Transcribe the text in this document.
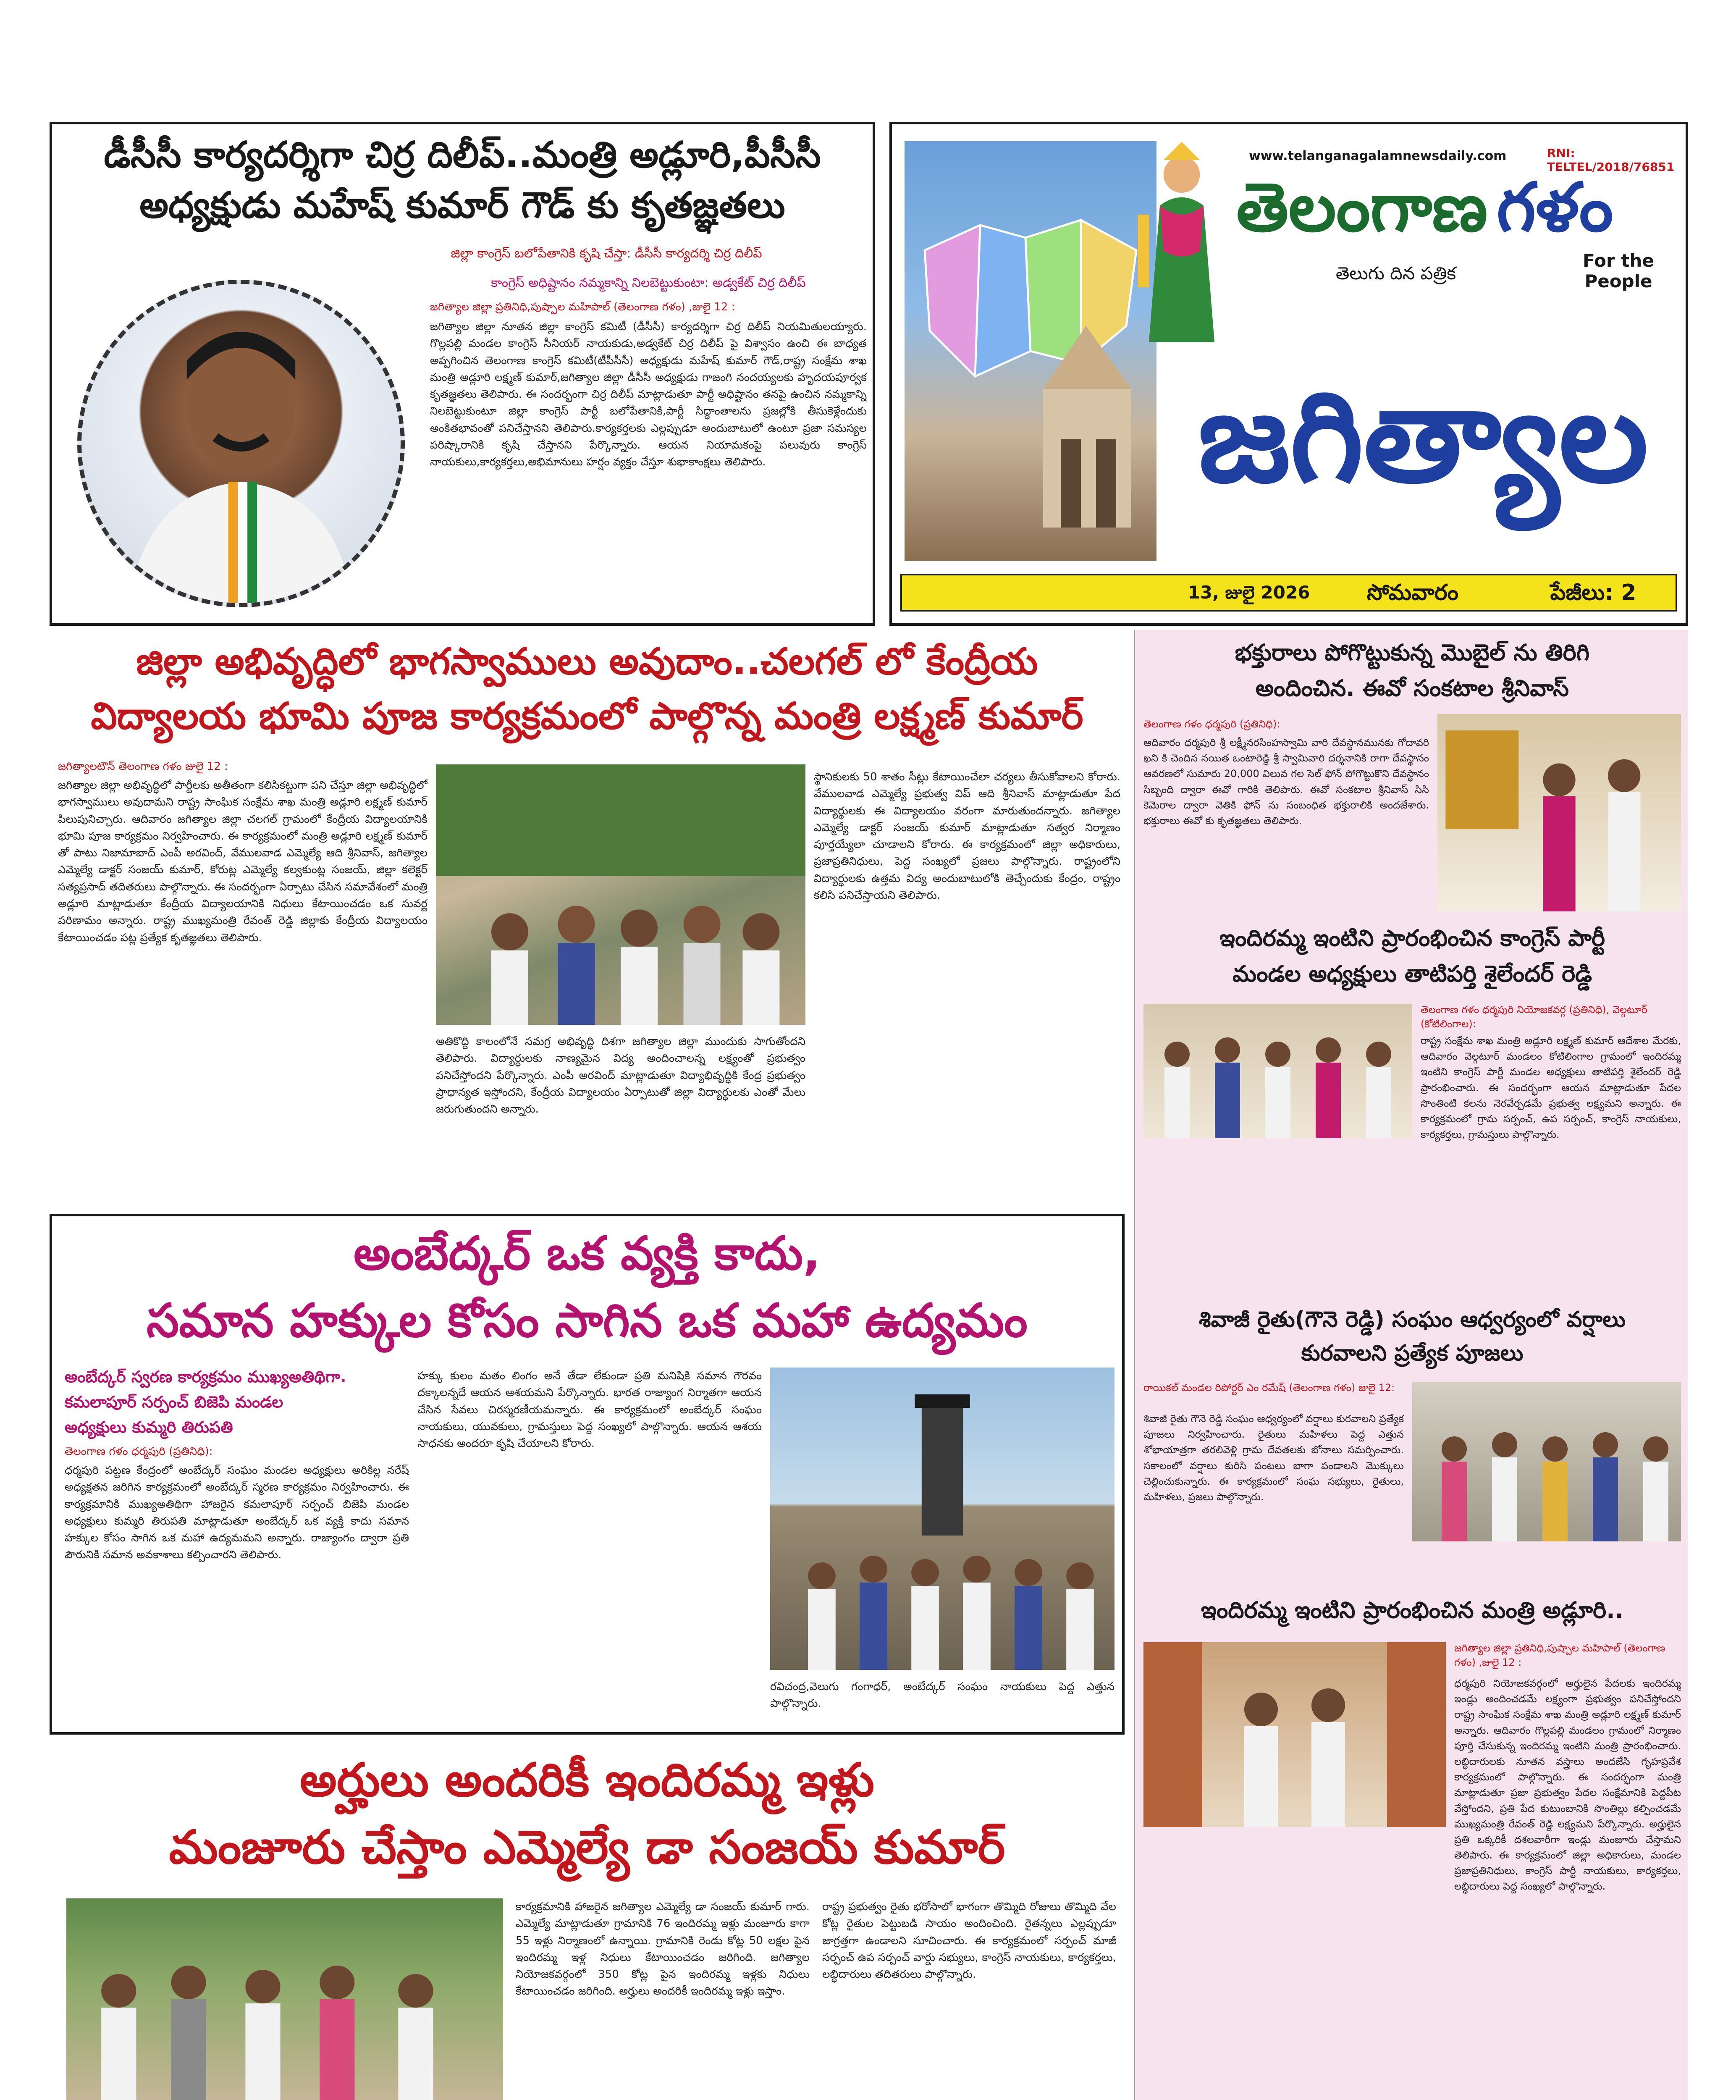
డీసీసీ కార్యదర్శిగా చిర్ర దిలీప్..మంత్రి అడ్లూరి,పీసీసీ
అధ్యక్షుడు మహేష్ కుమార్ గౌడ్ కు కృతజ్ఞతలు
జిల్లా కాంగ్రెస్ బలోపేతానికి కృషి చేస్తా: డీసీసీ కార్యదర్శి చిర్ర దిలీప్
కాంగ్రెస్ అధిష్టానం నమ్మకాన్ని నిలబెట్టుకుంటా: అడ్వకేట్ చిర్ర దిలీప్
జగిత్యాల జిల్లా ప్రతినిధి,పుష్పాల మహిపాల్ (తెలంగాణ గళం) ,జులై 12 :
జగిత్యాల జిల్లా నూతన జిల్లా కాంగ్రెస్ కమిటీ (డీసీసీ) కార్యదర్శిగా చిర్ర దిలీప్ నియమితులయ్యారు. గొల్లపల్లి మండల కాంగ్రెస్ సీనియర్ నాయకుడు,అడ్వకేట్ చిర్ర దిలీప్ పై విశ్వాసం ఉంచి ఈ బాధ్యత అప్పగించిన తెలంగాణ కాంగ్రెస్ కమిటీ(టీపీసీసీ) అధ్యక్షుడు మహేష్ కుమార్ గౌడ్,రాష్ట్ర సంక్షేమ శాఖ మంత్రి అడ్లూరి లక్ష్మణ్ కుమార్,జగిత్యాల జిల్లా డీసీసీ అధ్యక్షుడు గాజంగి నందయ్యలకు హృదయపూర్వక కృతజ్ఞతలు తెలిపారు. ఈ సందర్భంగా చిర్ర దిలీప్ మాట్లాడుతూ పార్టీ అధిష్టానం తనపై ఉంచిన నమ్మకాన్ని నిలబెట్టుకుంటూ జిల్లా కాంగ్రెస్ పార్టీ బలోపేతానికి,పార్టీ సిద్ధాంతాలను ప్రజల్లోకి తీసుకెళ్లేందుకు అంకితభావంతో పనిచేస్తానని తెలిపారు.కార్యకర్తలకు ఎల్లప్పుడూ అందుబాటులో ఉంటూ ప్రజా సమస్యల పరిష్కారానికి కృషి చేస్తానని పేర్కొన్నారు. ఆయన నియామకంపై పలువురు కాంగ్రెస్ నాయకులు,కార్యకర్తలు,అభిమానులు హర్షం వ్యక్తం చేస్తూ శుభాకాంక్షలు తెలిపారు.
www.telanganagalamnewsdaily.com	RNI: TELTEL/2018/76851
తెలంగాణ గళం
తెలుగు దిన పత్రిక
For the People
జగిత్యాల
13, జులై 2026	సోమవారం	పేజీలు: 2
జిల్లా అభివృద్ధిలో భాగస్వాములు అవుదాం..చలగల్ లో కేంద్రీయ
విద్యాలయ భూమి పూజ కార్యక్రమంలో పాల్గొన్న మంత్రి లక్ష్మణ్ కుమార్
జగిత్యాలటౌన్ తెలంగాణ గళం జులై 12 :
జగిత్యాల జిల్లా అభివృద్ధిలో పార్టీలకు అతీతంగా కలిసికట్టుగా పని చేస్తూ జిల్లా అభివృద్ధిలో భాగస్వాములు అవుదామని రాష్ట్ర సాంఘిక సంక్షేమ శాఖ మంత్రి అడ్లూరి లక్ష్మణ్ కుమార్ పిలుపునిచ్చారు. ఆదివారం జగిత్యాల జిల్లా చలగల్ గ్రామంలో కేంద్రీయ విద్యాలయానికి భూమి పూజ కార్యక్రమం నిర్వహించారు. ఈ కార్యక్రమంలో మంత్రి అడ్లూరి లక్ష్మణ్ కుమార్ తో పాటు నిజామాబాద్ ఎంపీ అరవింద్, వేములవాడ ఎమ్మెల్యే ఆది శ్రీనివాస్, జగిత్యాల ఎమ్మెల్యే డాక్టర్ సంజయ్ కుమార్, కోరుట్ల ఎమ్మెల్యే కల్వకుంట్ల సంజయ్, జిల్లా కలెక్టర్ సత్యప్రసాద్ తదితరులు పాల్గొన్నారు. ఈ సందర్భంగా ఏర్పాటు చేసిన సమావేశంలో మంత్రి అడ్లూరి మాట్లాడుతూ కేంద్రీయ విద్యాలయానికి నిధులు కేటాయించడం ఒక సువర్ణ పరిణామం అన్నారు. రాష్ట్ర ముఖ్యమంత్రి రేవంత్ రెడ్డి జిల్లాకు కేంద్రీయ విద్యాలయం కేటాయించడం పట్ల ప్రత్యేక కృతజ్ఞతలు తెలిపారు.
అతికొద్ది కాలంలోనే సమగ్ర అభివృద్ధి దిశగా జగిత్యాల జిల్లా ముందుకు సాగుతోందని తెలిపారు. విద్యార్థులకు నాణ్యమైన విద్య అందించాలన్న లక్ష్యంతో ప్రభుత్వం పనిచేస్తోందని పేర్కొన్నారు. ఎంపీ అరవింద్ మాట్లాడుతూ విద్యాభివృద్ధికి కేంద్ర ప్రభుత్వం ప్రాధాన్యత ఇస్తోందని, కేంద్రీయ విద్యాలయం ఏర్పాటుతో జిల్లా విద్యార్థులకు ఎంతో మేలు జరుగుతుందని అన్నారు.
స్థానికులకు 50 శాతం సీట్లు కేటాయించేలా చర్యలు తీసుకోవాలని కోరారు. వేములవాడ ఎమ్మెల్యే ప్రభుత్వ విప్ ఆది శ్రీనివాస్ మాట్లాడుతూ పేద విద్యార్థులకు ఈ విద్యాలయం వరంగా మారుతుందన్నారు. జగిత్యాల ఎమ్మెల్యే డాక్టర్ సంజయ్ కుమార్ మాట్లాడుతూ సత్వర నిర్మాణం పూర్తయ్యేలా చూడాలని కోరారు. ఈ కార్యక్రమంలో జిల్లా అధికారులు, ప్రజాప్రతినిధులు, పెద్ద సంఖ్యలో ప్రజలు పాల్గొన్నారు. రాష్ట్రంలోని విద్యార్థులకు ఉత్తమ విద్య అందుబాటులోకి తెచ్చేందుకు కేంద్రం, రాష్ట్రం కలిసి పనిచేస్తాయని తెలిపారు.
అంబేద్కర్ ఒక వ్యక్తి కాదు,
సమాన హక్కుల కోసం సాగిన ఒక మహా ఉద్యమం
అంబేద్కర్ స్వరణ కార్యక్రమం ముఖ్యఅతిథిగా.
కమలాపూర్ సర్పంచ్ బిజెపి మండల
అధ్యక్షులు కుమ్మరి తిరుపతి
తెలంగాణ గళం ధర్మపురి (ప్రతినిధి):
ధర్మపురి పట్టణ కేంద్రంలో అంబేద్కర్ సంఘం మండల అధ్యక్షులు అరికిల్ల నరేష్ అధ్యక్షతన జరిగిన కార్యక్రమంలో అంబేద్కర్ స్మరణ కార్యక్రమం నిర్వహించారు. ఈ కార్యక్రమానికి ముఖ్యఅతిథిగా హాజరైన కమలాపూర్ సర్పంచ్ బిజెపి మండల అధ్యక్షులు కుమ్మరి తిరుపతి మాట్లాడుతూ అంబేద్కర్ ఒక వ్యక్తి కాదు సమాన హక్కుల కోసం సాగిన ఒక మహా ఉద్యమమని అన్నారు. రాజ్యాంగం ద్వారా ప్రతి పౌరునికి సమాన అవకాశాలు కల్పించారని తెలిపారు.
హక్కు కులం మతం లింగం అనే తేడా లేకుండా ప్రతి మనిషికి సమాన గౌరవం దక్కాలన్నదే ఆయన ఆశయమని పేర్కొన్నారు. భారత రాజ్యాంగ నిర్మాతగా ఆయన చేసిన సేవలు చిరస్మరణీయమన్నారు. ఈ కార్యక్రమంలో అంబేద్కర్ సంఘం నాయకులు, యువకులు, గ్రామస్తులు పెద్ద సంఖ్యలో పాల్గొన్నారు. ఆయన ఆశయ సాధనకు అందరూ కృషి చేయాలని కోరారు.
రవిచంద్ర,వెలుగు గంగాధర్, అంబేద్కర్ సంఘం నాయకులు పెద్ద ఎత్తున పాల్గొన్నారు.
అర్హులు అందరికీ ఇందిరమ్మ ఇళ్లు
మంజూరు చేస్తాం ఎమ్మెల్యే డా సంజయ్ కుమార్
కార్యక్రమానికి హాజరైన జగిత్యాల ఎమ్మెల్యే డా సంజయ్ కుమార్ గారు. ఎమ్మెల్యే మాట్లాడుతూ గ్రామానికి 76 ఇందిరమ్మ ఇళ్లు మంజూరు కాగా 55 ఇళ్లు నిర్మాణంలో ఉన్నాయి. గ్రామానికి రెండు కోట్ల 50 లక్షల పైన ఇందిరమ్మ ఇళ్ల నిధులు కేటాయించడం జరిగింది. జగిత్యాల నియోజకవర్గంలో 350 కోట్ల పైన ఇందిరమ్మ ఇళ్లకు నిధులు కేటాయించడం జరిగింది. అర్హులు అందరికీ ఇందిరమ్మ ఇళ్లు ఇస్తాం.
రాష్ట్ర ప్రభుత్వం రైతు భరోసాలో భాగంగా తొమ్మిది రోజులు తొమ్మిది వేల కోట్ల రైతుల పెట్టుబడి సాయం అందించింది. రైతన్నలు ఎల్లప్పుడూ జాగ్రత్తగా ఉండాలని సూచించారు. ఈ కార్యక్రమంలో సర్పంచ్ మాజీ సర్పంచ్ ఉప సర్పంచ్ వార్డు సభ్యులు, కాంగ్రెస్ నాయకులు, కార్యకర్తలు, లబ్ధిదారులు తదితరులు పాల్గొన్నారు.
భక్తురాలు పోగొట్టుకున్న మొబైల్ ను తిరిగి
అందించిన. ఈవో సంకటాల శ్రీనివాస్
తెలంగాణ గళం ధర్మపురి (ప్రతినిధి):
ఆదివారం ధర్మపురి శ్రీ లక్ష్మీనరసింహస్వామి వారి దేవస్థానమునకు గోదావరి ఖని కి చెందిన నయిత ఒంటారెడ్డి శ్రీ స్వామివారి దర్శనానికి రాగా దేవస్థానం ఆవరణలో సుమారు 20,000 విలువ గల సెల్ ఫోన్ పోగొట్టుకొని దేవస్థానం సిబ్బంది ద్వారా ఈవో గారికి తెలిపారు. ఈవో సంకటాల శ్రీనివాస్ సిసి కెమెరాల ద్వారా వెతికి ఫోన్ ను సంబంధిత భక్తురాలికి అందజేశారు. భక్తురాలు ఈవో కు కృతజ్ఞతలు తెలిపారు.
ఇందిరమ్మ ఇంటిని ప్రారంభించిన కాంగ్రెస్ పార్టీ
మండల అధ్యక్షులు తాటిపర్తి శైలేందర్ రెడ్డి
తెలంగాణ గళం ధర్మపురి నియోజకవర్గ (ప్రతినిధి), వెల్గటూర్ (కోటిలింగాల):
రాష్ట్ర సంక్షేమ శాఖ మంత్రి అడ్లూరి లక్ష్మణ్ కుమార్ ఆదేశాల మేరకు, ఆదివారం వెల్గటూర్ మండలం కోటిలింగాల గ్రామంలో ఇందిరమ్మ ఇంటిని కాంగ్రెస్ పార్టీ మండల అధ్యక్షులు తాటిపర్తి శైలేందర్ రెడ్డి ప్రారంభించారు. ఈ సందర్భంగా ఆయన మాట్లాడుతూ పేదల సొంతింటి కలను నెరవేర్చడమే ప్రభుత్వ లక్ష్యమని అన్నారు. ఈ కార్యక్రమంలో గ్రామ సర్పంచ్, ఉప సర్పంచ్, కాంగ్రెస్ నాయకులు, కార్యకర్తలు, గ్రామస్తులు పాల్గొన్నారు.
శివాజీ రైతు(గౌనె రెడ్డి) సంఘం ఆధ్వర్యంలో వర్షాలు
కురవాలని ప్రత్యేక పూజలు
రాయికల్ మండల రిపోర్టర్ ఎం రమేష్ (తెలంగాణ గళం) జులై 12:
శివాజీ రైతు గౌనె రెడ్డి సంఘం ఆధ్వర్యంలో వర్షాలు కురవాలని ప్రత్యేక పూజలు నిర్వహించారు. రైతులు మహిళలు పెద్ద ఎత్తున శోభాయాత్రగా తరలివెళ్లి గ్రామ దేవతలకు బోనాలు సమర్పించారు. సకాలంలో వర్షాలు కురిసి పంటలు బాగా పండాలని మొక్కులు చెల్లించుకున్నారు. ఈ కార్యక్రమంలో సంఘ సభ్యులు, రైతులు, మహిళలు, ప్రజలు పాల్గొన్నారు.
ఇందిరమ్మ ఇంటిని ప్రారంభించిన మంత్రి అడ్లూరి..
జగిత్యాల జిల్లా ప్రతినిధి,పుష్పాల మహిపాల్ (తెలంగాణ గళం) ,జులై 12 :
ధర్మపురి నియోజకవర్గంలో అర్హులైన పేదలకు ఇందిరమ్మ ఇండ్లు అందించడమే లక్ష్యంగా ప్రభుత్వం పనిచేస్తోందని రాష్ట్ర సాంఘిక సంక్షేమ శాఖ మంత్రి అడ్లూరి లక్ష్మణ్ కుమార్ అన్నారు. ఆదివారం గొల్లపల్లి మండలం గ్రామంలో నిర్మాణం పూర్తి చేసుకున్న ఇందిరమ్మ ఇంటిని మంత్రి ప్రారంభించారు. లబ్ధిదారులకు నూతన వస్త్రాలు అందజేసి గృహప్రవేశ కార్యక్రమంలో పాల్గొన్నారు. ఈ సందర్భంగా మంత్రి మాట్లాడుతూ ప్రజా ప్రభుత్వం పేదల సంక్షేమానికి పెద్దపీట వేస్తోందని, ప్రతి పేద కుటుంబానికి సొంతిల్లు కల్పించడమే ముఖ్యమంత్రి రేవంత్ రెడ్డి లక్ష్యమని పేర్కొన్నారు. అర్హులైన ప్రతి ఒక్కరికీ దశలవారీగా ఇండ్లు మంజూరు చేస్తామని తెలిపారు. ఈ కార్యక్రమంలో జిల్లా అధికారులు, మండల ప్రజాప్రతినిధులు, కాంగ్రెస్ పార్టీ నాయకులు, కార్యకర్తలు, లబ్ధిదారులు పెద్ద సంఖ్యలో పాల్గొన్నారు.
